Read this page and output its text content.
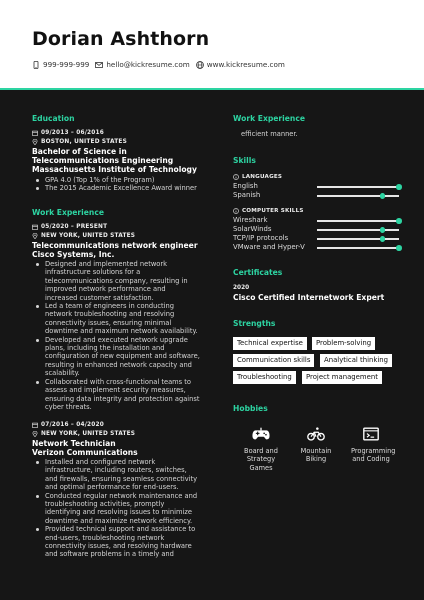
Dorian Ashthorn
999-999-999 hello@kickresume.com www.kickresume.com
Education
09/2013 – 06/2016
BOSTON, UNITED STATES
Bachelor of Science in
Telecommunications Engineering
Massachusetts Institute of Technology
GPA 4.0 (Top 1% of the Program)
The 2015 Academic Excellence Award winner
Work Experience
05/2020 – PRESENT
NEW YORK, UNITED STATES
Telecommunications network engineer
Cisco Systems, Inc.
Designed and implemented network
infrastructure solutions for a
telecommunications company, resulting in
improved network performance and
increased customer satisfaction.
Led a team of engineers in conducting
network troubleshooting and resolving
connectivity issues, ensuring minimal
downtime and maximum network availability.
Developed and executed network upgrade
plans, including the installation and
configuration of new equipment and software,
resulting in enhanced network capacity and
scalability.
Collaborated with cross-functional teams to
assess and implement security measures,
ensuring data integrity and protection against
cyber threats.
07/2016 – 04/2020
NEW YORK, UNITED STATES
Network Technician
Verizon Communications
Installed and configured network
infrastructure, including routers, switches,
and firewalls, ensuring seamless connectivity
and optimal performance for end-users.
Conducted regular network maintenance and
troubleshooting activities, promptly
identifying and resolving issues to minimize
downtime and maximize network efficiency.
Provided technical support and assistance to
end-users, troubleshooting network
connectivity issues, and resolving hardware
and software problems in a timely and
Work Experience
efficient manner.
Skills
LANGUAGES
English
Spanish
COMPUTER SKILLS
Wireshark
SolarWinds
TCP/IP protocols
VMware and Hyper-V
Certificates
2020
Cisco Certified Internetwork Expert
Strengths
Technical expertise	Problem-solving
Communication skills	Analytical thinking
Troubleshooting	Project management
Hobbies
Board and
Strategy
Games
Mountain
Biking
Programming
and Coding
